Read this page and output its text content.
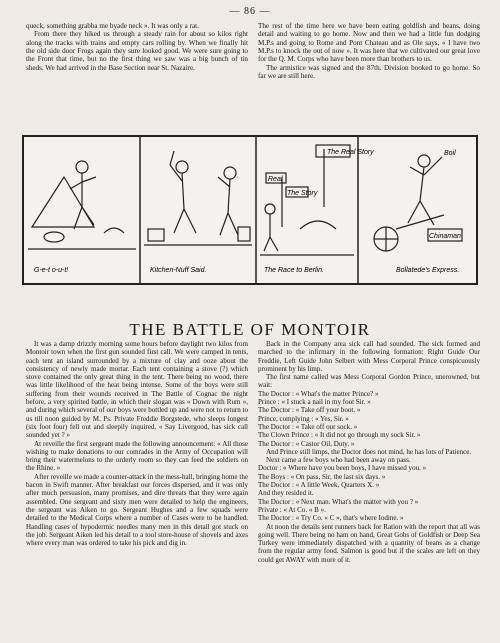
— 86 —

queck, something grabba me byade neck ». It was only a rat.

From there they hiked us through a steady rain for about so kilos right along the tracks with trains and empty cars rolling by. When we finally hit the old side door Frogs again they sure looked good. We were sure going to the Front that time, but no the first thing we saw was a big bunch of tin sheds. We had arrived in the Base Section near St. Nazaire.

The rest of the time here we have been eating goldfish and beans, doing detail and waiting to go home. Now and then we had a little fun dodging M.P.s and going to Rome and Pont Chateau and as Ole says, « I have two M.P.s to knock the out of now ». It was here that we cultivated our great love for the Q. M. Corps who have been more than brothers to us.

The armistice was signed and the 87th. Division booked to go home. So far we are still here.

G-e-t o-u-t!	Kitchen-Nuff Said.
The Real Story
Real
The Story
The Race to Berlin.
Boil
Chinaman
Bollatede's Express.
THE BATTLE OF MONTOIR

It was a damp drizzly morning some hours before daylight two kilos from Montoir town when the first gun sounded first call. We were camped in tents, each tent an island surrounded by a mixture of clay and ooze about the consistency of newly made mortar. Each tent containing a stove (?) which stove contained the only great thing in the tent. There being no wood, there was little likelihood of the heat being intense. Some of the boys were still suffering from their wounds received in The Battle of Cognac the night before, a very spirited battle, in which their slogan was « Down with Rum », and during which several of our boys were bottled up and were not to return to us till noon guided by M. Ps. Private Freddie Borgstede, who sleeps longest (six foot four) fell out and sleepily inquired, « Say Livergood, has sick call sounded yet ? »

At reveille the first sergeant made the following announcement: « All those wishing to make donations to our comrades in the Army of Occupation will bring their watermelons to the orderly room so they can feed the soldiers on the Rhine. »

After reveille we made a counter-attack in the mess-hall, bringing home the bacon in Swift manner. After breakfast our forces dispersed, and it was only after much persuasion, many promises, and dire threats that they were again assembled. One sergeant and sixty men were detailed to help the engineers, the sergeant was Aiken to go. Sergeant Hughes and a few squads were detailed to the Medical Corps where a number of Cases were to be handled. Handling cases of hypodermic needles many men in this detail got stuck on the job. Sergeant Aiken led his detail to a tool store-house of shovels and axes where every man was ordered to take his pick and dig in.

Back in the Company area sick call had sounded. The sick formed and marched to the infirmary in the following formation: Right Guide Our Freddie, Left Guide John Selbert with Mess Corporal Prince conspicuously prominent by his limp.

The first name called was Mess Corporal Gordon Prince, unerowned, but wait:

The Doctor : « What's the matter Prince? »

Prince : « I stuck a nail in my foot Sir. »

The Doctor : « Take off your boot. »

Prince, complying : « Yes, Sir. »

The Doctor : « Take off our sock. »

The Clown Prince : « It did not go through my sock Sir. »

The Doctor : « Castor Oil, Duty. »

And Prince still limps, the Doctor does not mind, he has lots of Patience.

Next came a few boys who had been away on pass.

Doctor : « Where have you been boys, I have missed you. »

The Boys : « On pass, Sir, the last six days. »

The Doctor : « A little Week, Quarters X. »

And they resided it.

The Doctor : « Next man. What's the matter with you ? »

Private : « At Co. « B ».

The Doctor : « Try Co. « C », that's where Iodine. »

At noon the details sent runners back for Ration with the report that all was going well. There being no ham on hand, Great Gobs of Goldfish or Deep Sea Turkey were immediately dispatched with a quantity of beans as a change from the regular army food. Salmon is good but if the scales are left on they could get AWAY with more of it.
